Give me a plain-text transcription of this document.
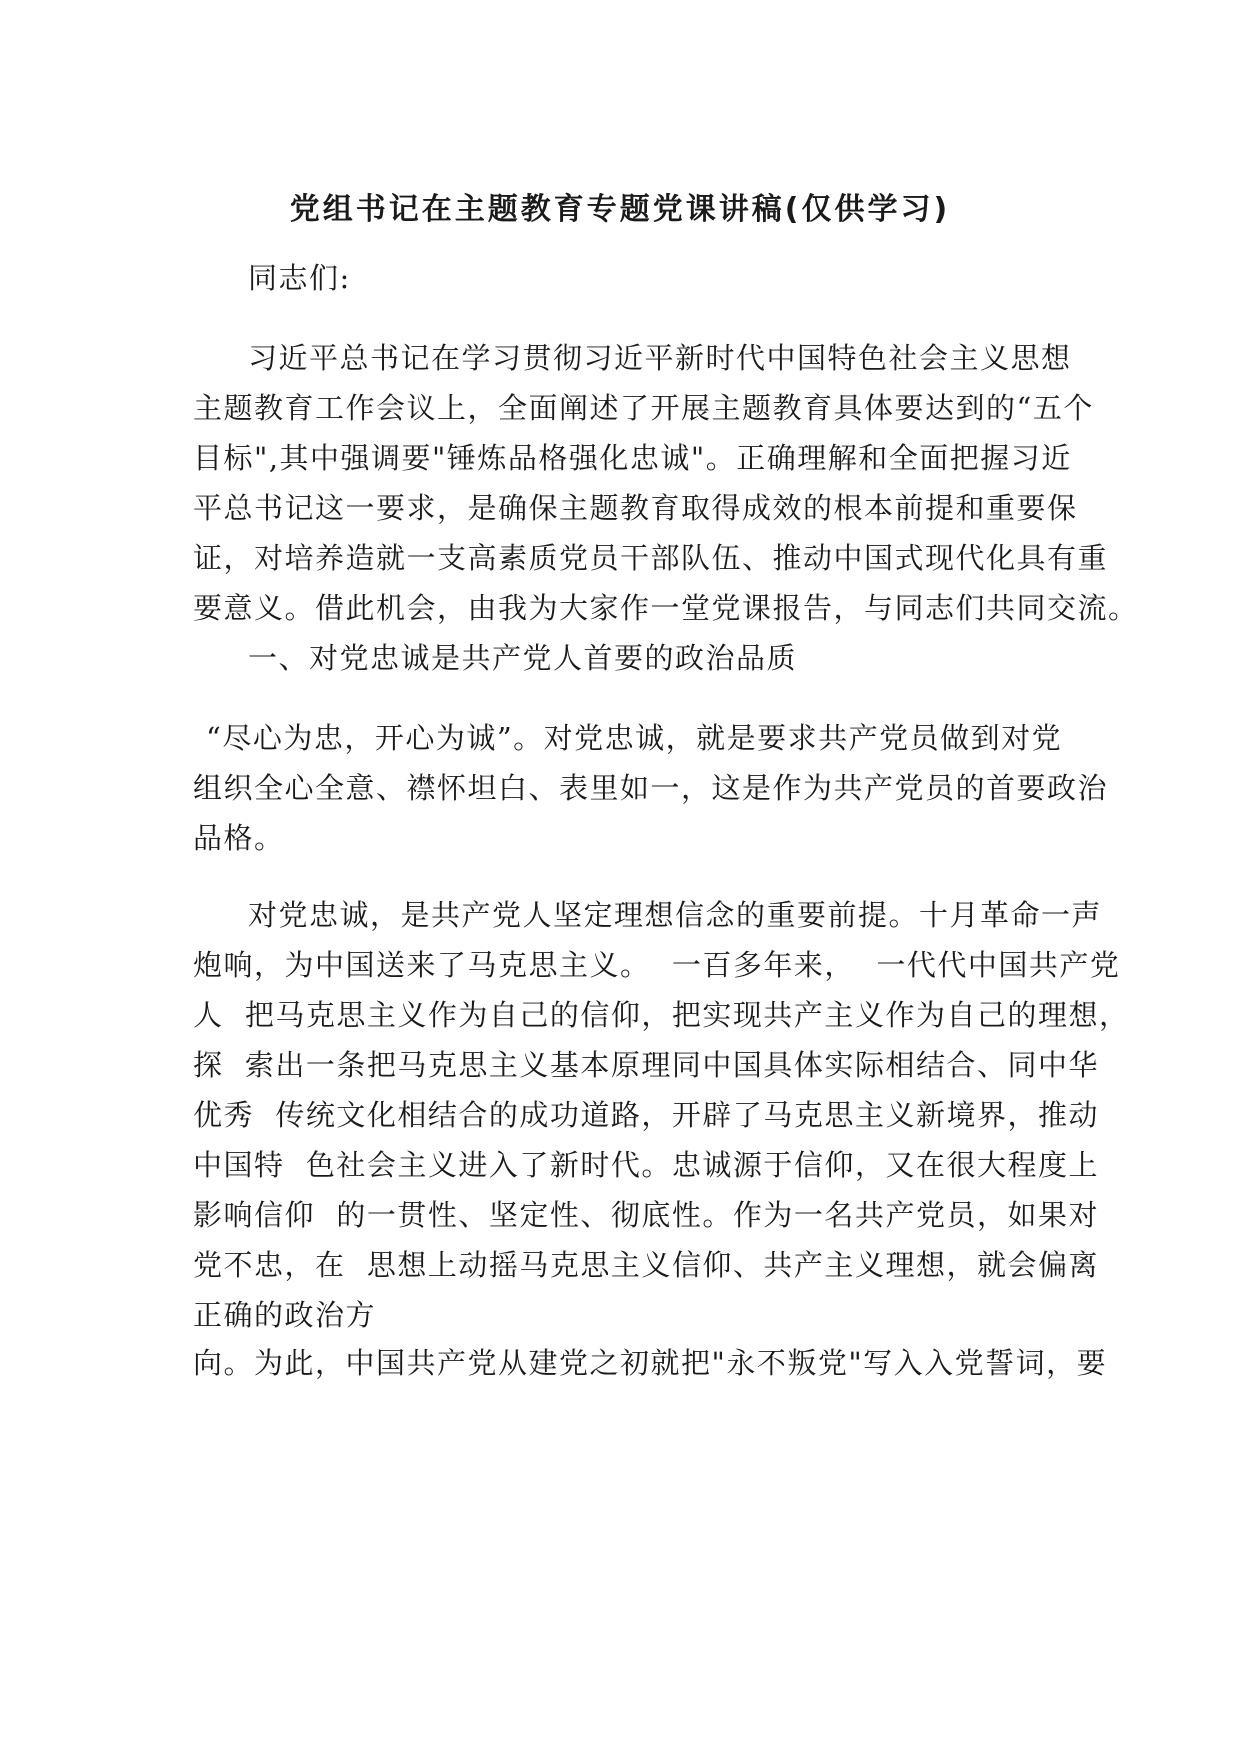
党组书记在主题教育专题党课讲稿(仅供学习)
同志们:
习近平总书记在学习贯彻习近平新时代中国特色社会主义思想
主题教育工作会议上，全面阐述了开展主题教育具体要达到的“五个
目标",其中强调要"锤炼品格强化忠诚"。正确理解和全面把握习近
平总书记这一要求，是确保主题教育取得成效的根本前提和重要保
证，对培养造就一支高素质党员干部队伍、推动中国式现代化具有重
要意义。借此机会，由我为大家作一堂党课报告，与同志们共同交流。
一、对党忠诚是共产党人首要的政治品质
“尽心为忠，开心为诚”。对党忠诚，就是要求共产党员做到对党
组织全心全意、襟怀坦白、表里如一，这是作为共产党员的首要政治
品格。
对党忠诚，是共产党人坚定理想信念的重要前提。十月革命一声
炮响，为中国送来了马克思主义。  一百多年来，  一代代中国共产党
人  把马克思主义作为自己的信仰，把实现共产主义作为自己的理想，
探  索出一条把马克思主义基本原理同中国具体实际相结合、同中华
优秀  传统文化相结合的成功道路，开辟了马克思主义新境界，推动
中国特  色社会主义进入了新时代。忠诚源于信仰，又在很大程度上
影响信仰  的一贯性、坚定性、彻底性。作为一名共产党员，如果对
党不忠，在  思想上动摇马克思主义信仰、共产主义理想，就会偏离
正确的政治方
向。为此，中国共产党从建党之初就把"永不叛党"写入入党誓词，要
